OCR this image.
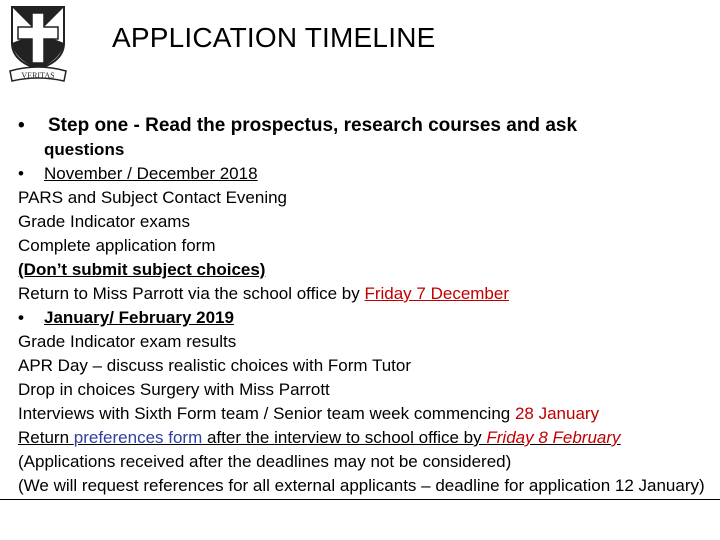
VERITAS
APPLICATION TIMELINE
• Step one - Read the prospectus, research courses and ask
questions
• November / December 2018
PARS and Subject Contact Evening
Grade Indicator exams
Complete application form
(Don’t submit subject choices)
Return to Miss Parrott via the school office by Friday 7 December
• January/ February 2019
Grade Indicator exam results
APR Day – discuss realistic choices with Form Tutor
Drop in choices Surgery with Miss Parrott
Interviews with Sixth Form team / Senior team week commencing 28 January
Return preferences form after the interview to school office by Friday 8 February
(Applications received after the deadlines may not be considered)
(We will request references for all external applicants – deadline for application 12 January)
